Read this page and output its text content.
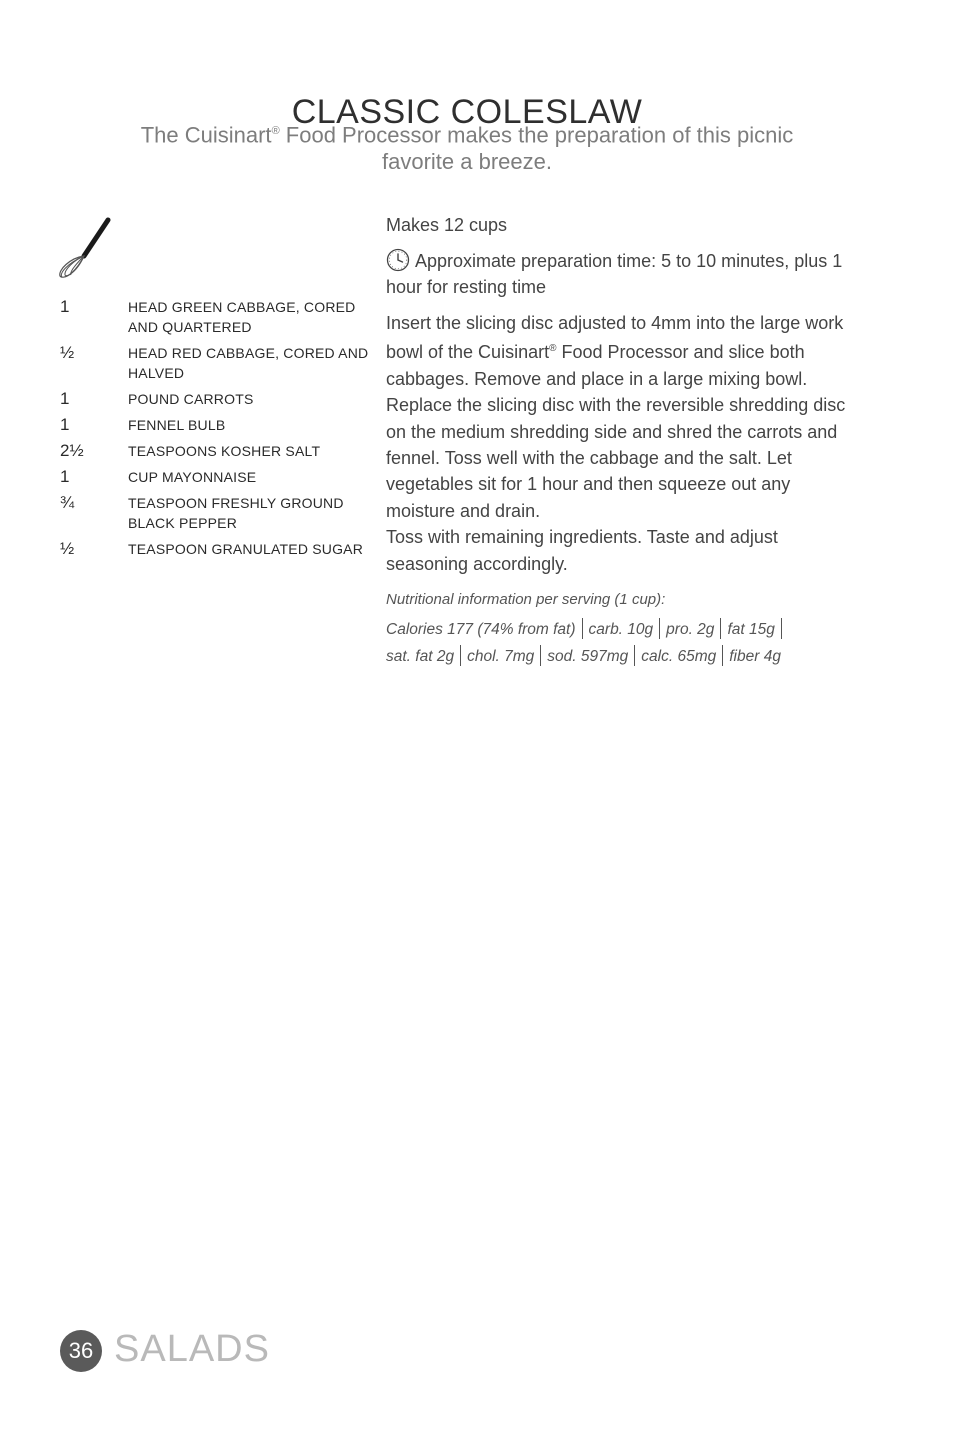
CLASSIC COLESLAW
The Cuisinart® Food Processor makes the preparation of this picnic favorite a breeze.
1	HEAD GREEN CABBAGE, CORED AND QUARTERED
½	HEAD RED CABBAGE, CORED AND HALVED
1	POUND CARROTS
1	FENNEL BULB
2½	TEASPOONS KOSHER SALT
1	CUP MAYONNAISE
¾	TEASPOON FRESHLY GROUND BLACK PEPPER
½	TEASPOON GRANULATED SUGAR

Makes 12 cups

Approximate preparation time: 5 to 10 minutes, plus 1 hour for resting time

Insert the slicing disc adjusted to 4mm into the large work bowl of the Cuisinart® Food Processor and slice both cabbages. Remove and place in a large mixing bowl. Replace the slicing disc with the reversible shredding disc on the medium shredding side and shred the carrots and fennel. Toss well with the cabbage and the salt. Let vegetables sit for 1 hour and then squeeze out any moisture and drain.

Toss with remaining ingredients. Taste and adjust seasoning accordingly.

Nutritional information per serving (1 cup):

Calories 177 (74% from fat) carb. 10g pro. 2g fat 15g

sat. fat 2g chol. 7mg sod. 597mg calc. 65mg fiber 4g

36 SALADS
